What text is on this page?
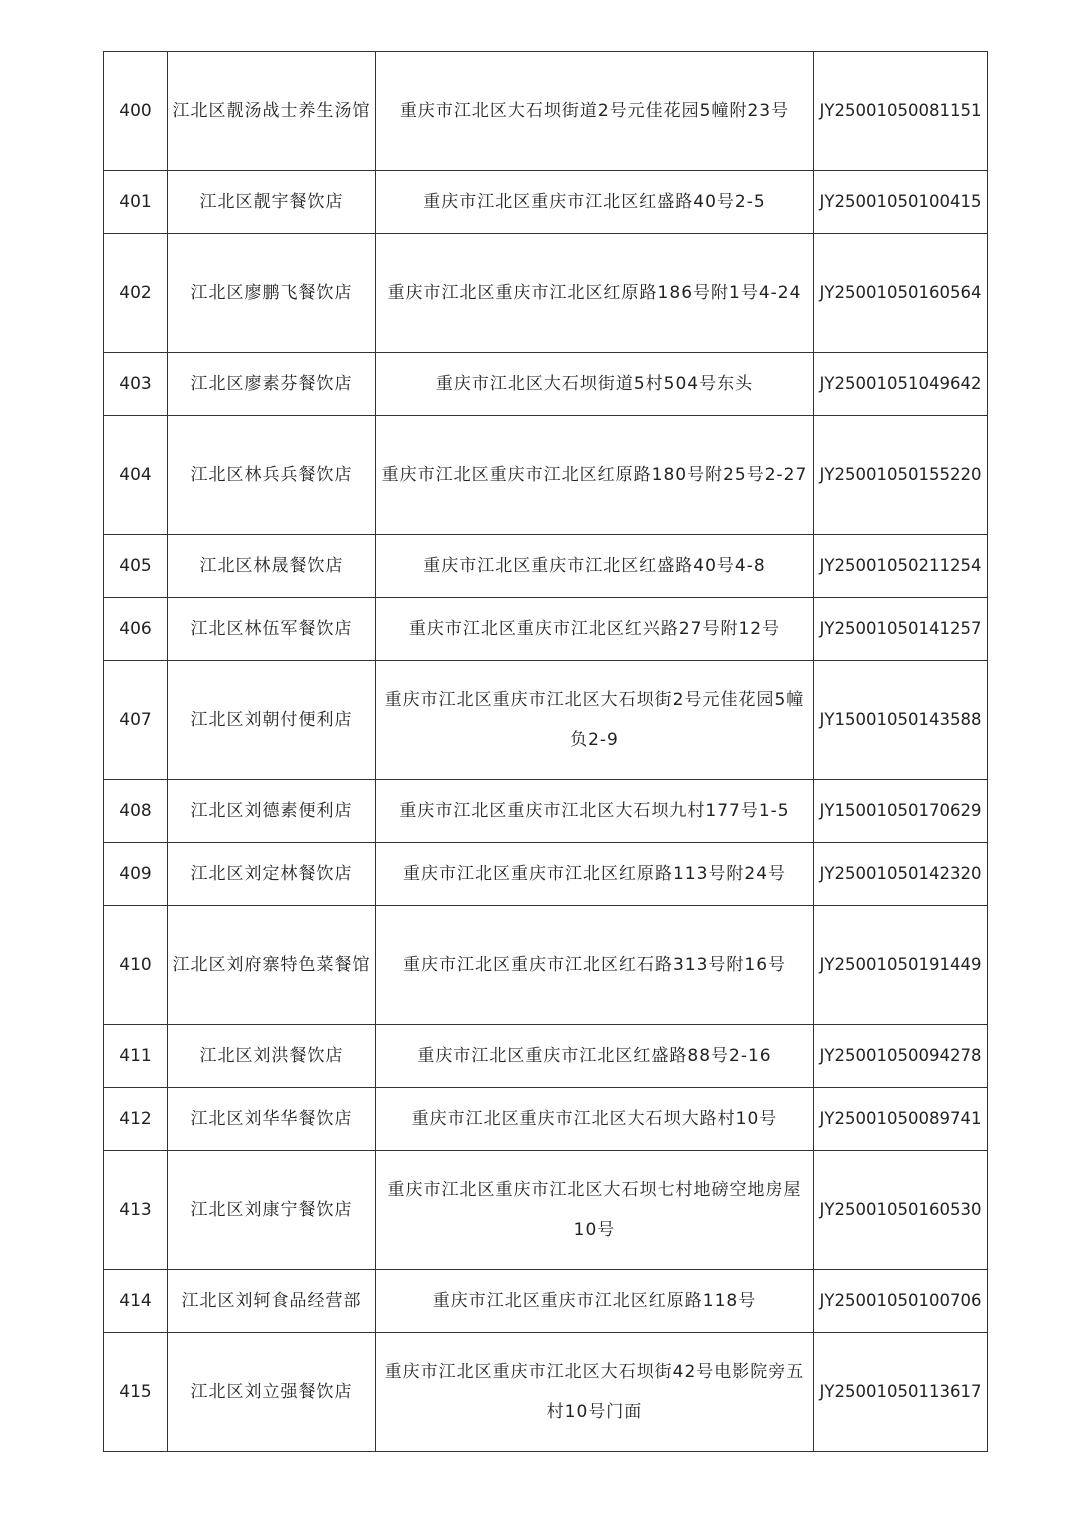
400	江北区靓汤战士养生汤馆	重庆市江北区大石坝街道2号元佳花园5幢附23号	JY25001050081151
401	江北区靓宇餐饮店	重庆市江北区重庆市江北区红盛路40号2-5	JY25001050100415
402	江北区廖鹏飞餐饮店	重庆市江北区重庆市江北区红原路186号附1号4-24	JY25001050160564
403	江北区廖素芬餐饮店	重庆市江北区大石坝街道5村504号东头	JY25001051049642
404	江北区林兵兵餐饮店	重庆市江北区重庆市江北区红原路180号附25号2-27	JY25001050155220
405	江北区林晟餐饮店	重庆市江北区重庆市江北区红盛路40号4-8	JY25001050211254
406	江北区林伍军餐饮店	重庆市江北区重庆市江北区红兴路27号附12号	JY25001050141257
407	江北区刘朝付便利店	重庆市江北区重庆市江北区大石坝街2号元佳花园5幢负2-9	JY15001050143588
408	江北区刘德素便利店	重庆市江北区重庆市江北区大石坝九村177号1-5	JY15001050170629
409	江北区刘定林餐饮店	重庆市江北区重庆市江北区红原路113号附24号	JY25001050142320
410	江北区刘府寨特色菜餐馆	重庆市江北区重庆市江北区红石路313号附16号	JY25001050191449
411	江北区刘洪餐饮店	重庆市江北区重庆市江北区红盛路88号2-16	JY25001050094278
412	江北区刘华华餐饮店	重庆市江北区重庆市江北区大石坝大路村10号	JY25001050089741
413	江北区刘康宁餐饮店	重庆市江北区重庆市江北区大石坝七村地磅空地房屋10号	JY25001050160530
414	江北区刘轲食品经营部	重庆市江北区重庆市江北区红原路118号	JY25001050100706
415	江北区刘立强餐饮店	重庆市江北区重庆市江北区大石坝街42号电影院旁五村10号门面	JY25001050113617
